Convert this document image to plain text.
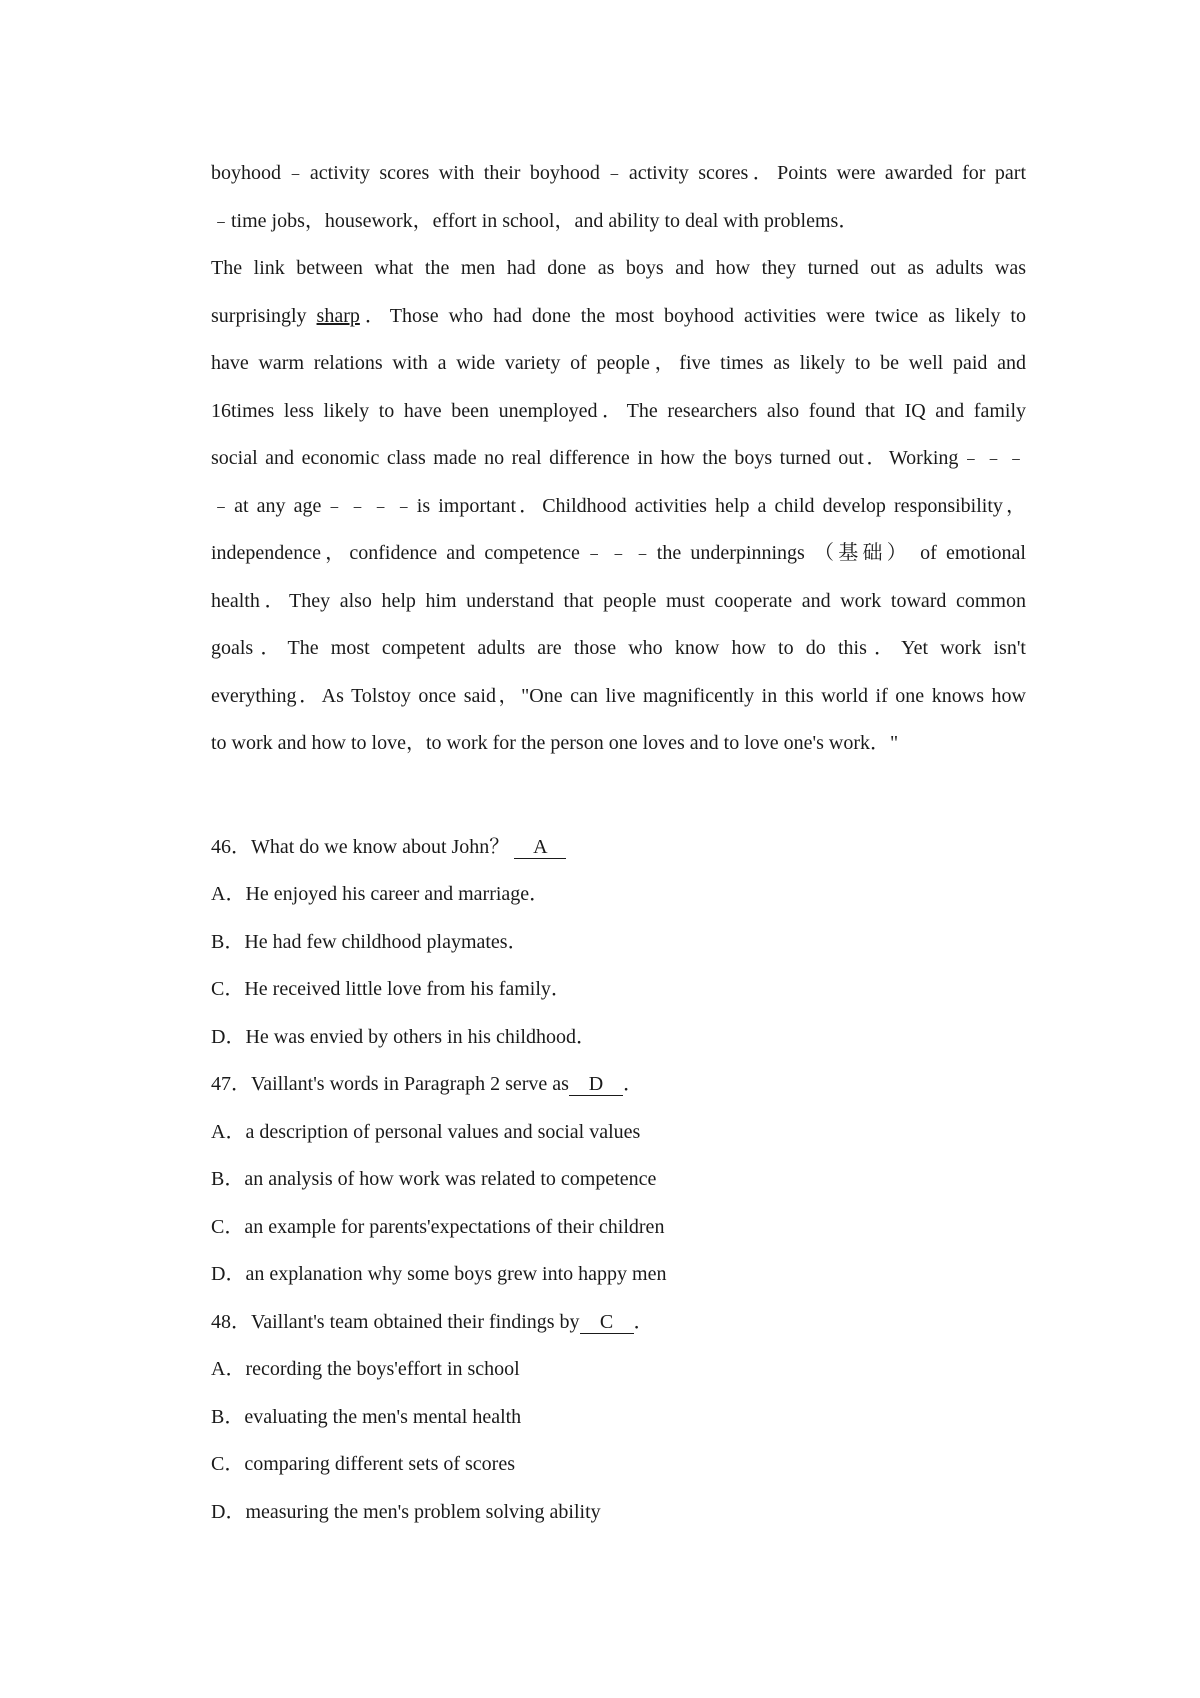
boyhood﹣activity scores with their boyhood﹣activity scores．Points were awarded for part
﹣time jobs，housework，effort in school，and ability to deal with problems．
The link between what the men had done as boys and how they turned out as adults was
surprisingly sharp．Those who had done the most boyhood activities were twice as likely to
have warm relations with a wide variety of people，five times as likely to be well paid and
16times less likely to have been unemployed．The researchers also found that IQ and family
social and economic class made no real difference in how the boys turned out．Working﹣﹣﹣
﹣at any age﹣﹣﹣﹣is important．Childhood activities help a child develop responsibility，
independence，confidence and competence﹣﹣﹣the underpinnings （基础） of emotional
health．They also help him understand that people must cooperate and work toward common
goals．The most competent adults are those who know how to do this．Yet work isn't
everything．As Tolstoy once said，"One can live magnificently in this world if one knows how
to work and how to love，to work for the person one loves and to love one's work．"

46．What do we know about John？ A

A．He enjoyed his career and marriage．

B．He had few childhood playmates．

C．He received little love from his family．

D．He was envied by others in his childhood．

47．Vaillant's words in Paragraph 2 serve as D ．

A．a description of personal values and social values

B．an analysis of how work was related to competence

C．an example for parents'expectations of their children

D．an explanation why some boys grew into happy men

48．Vaillant's team obtained their findings by C ．

A．recording the boys'effort in school

B．evaluating the men's mental health

C．comparing different sets of scores

D．measuring the men's problem solving ability
